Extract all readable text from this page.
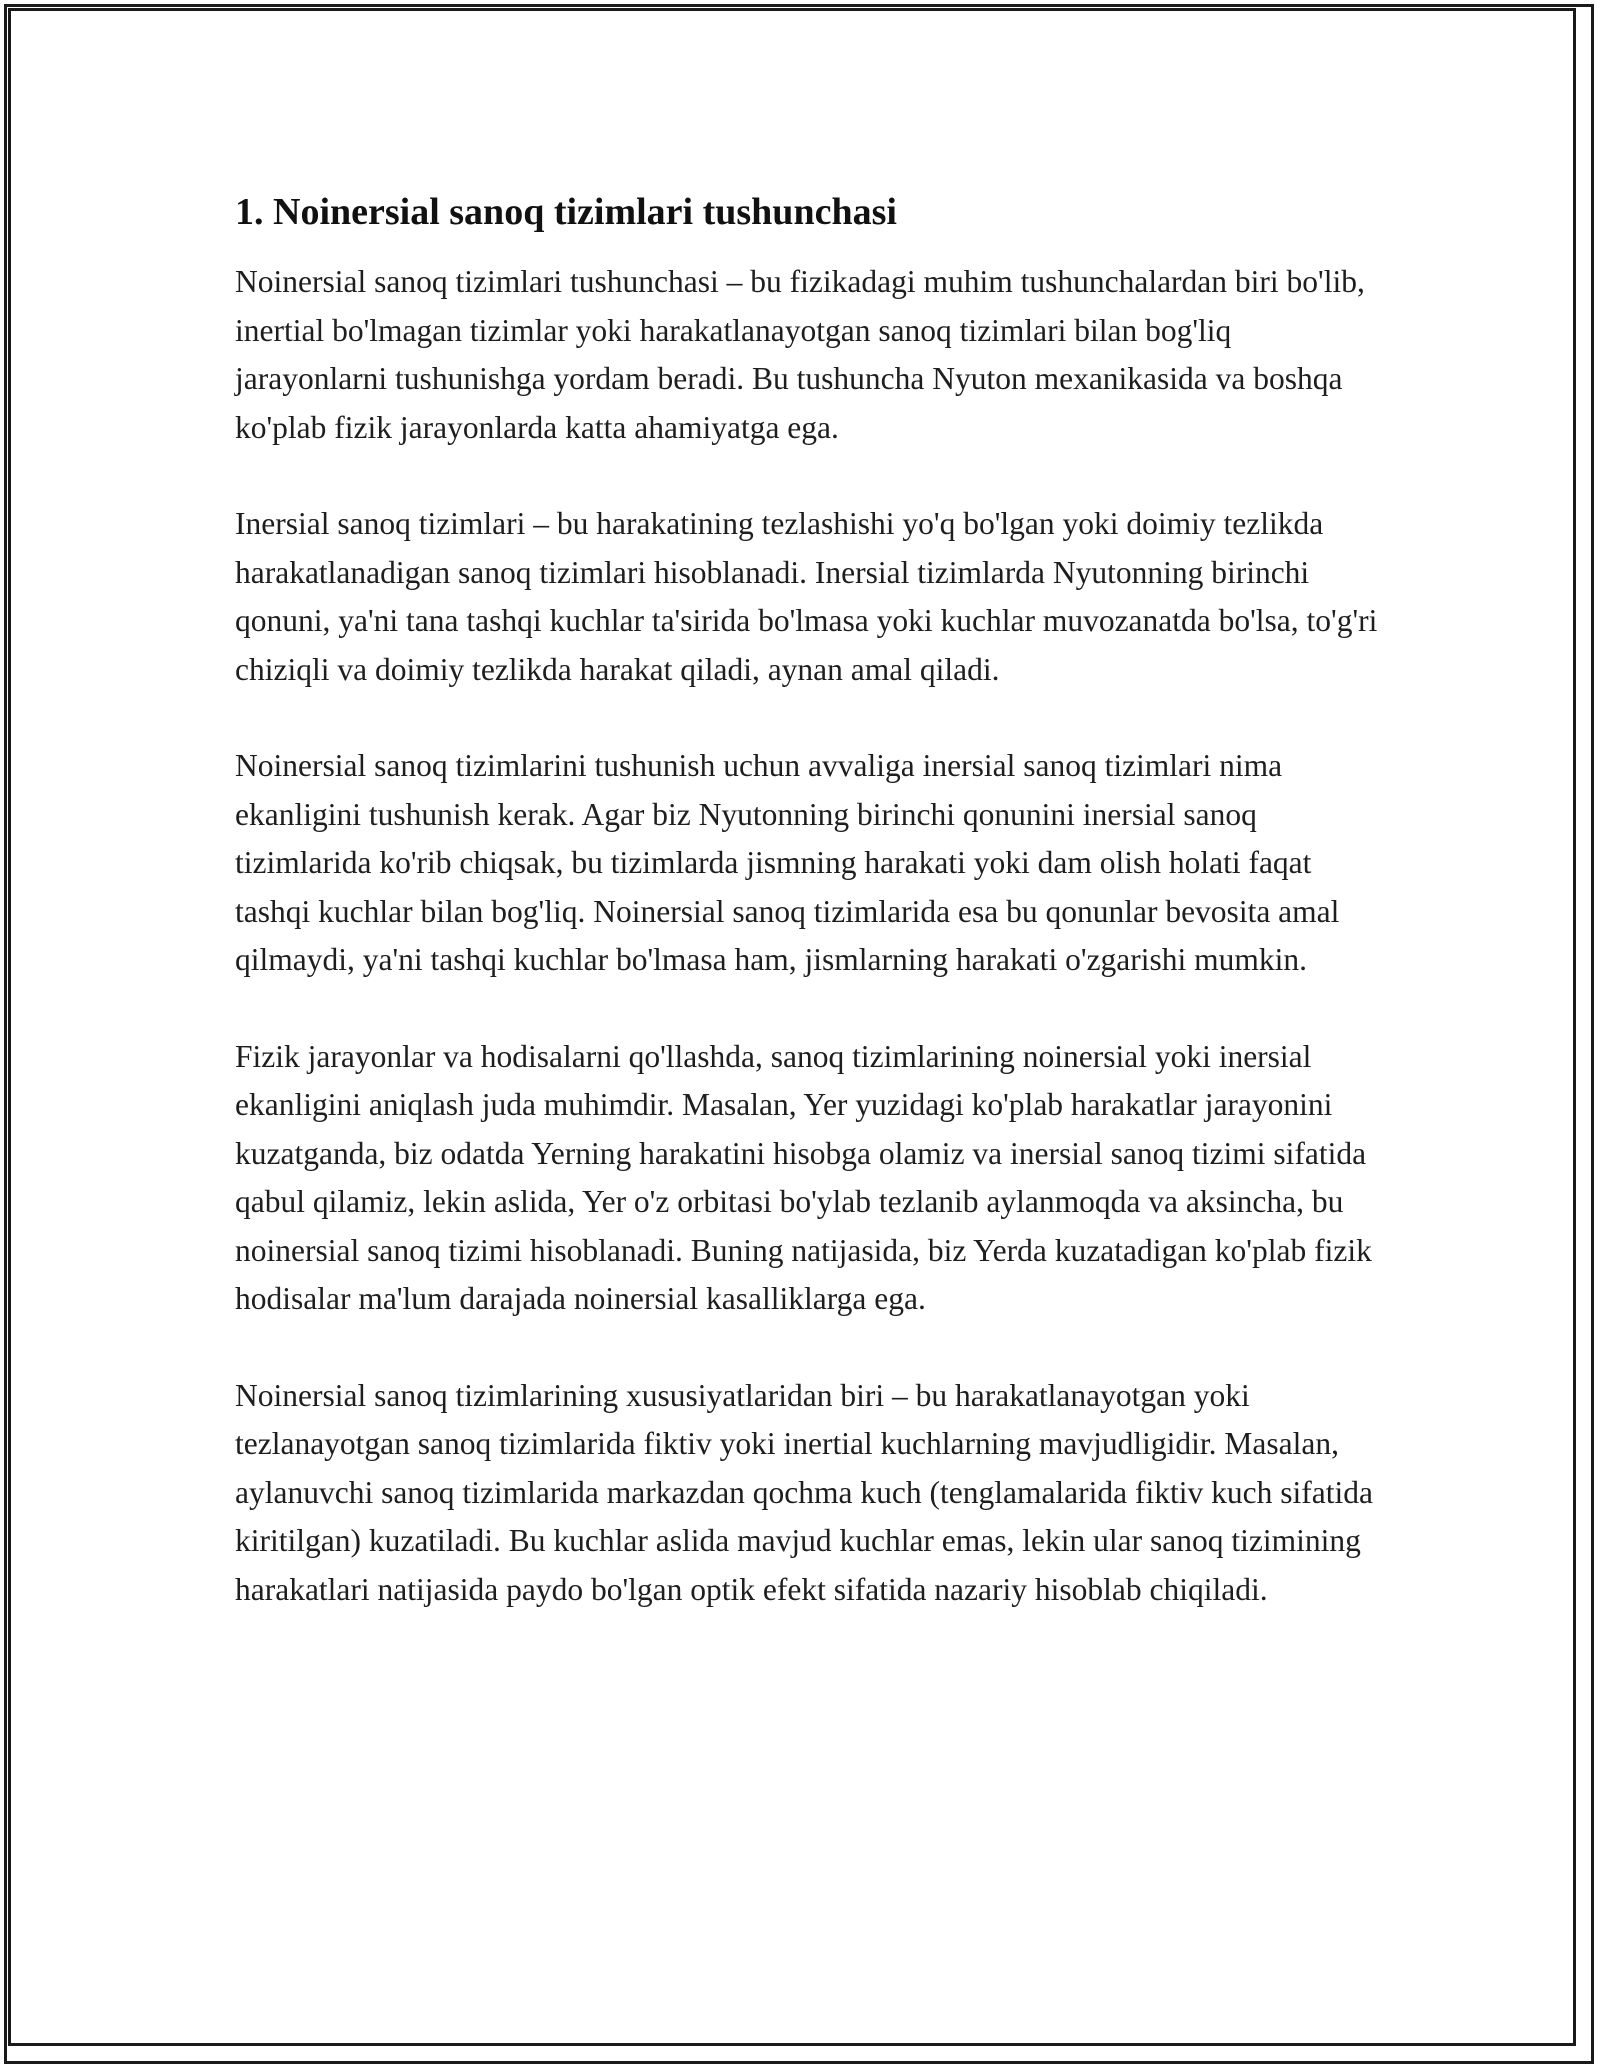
1. Noinersial sanoq tizimlari tushunchasi

Noinersial sanoq tizimlari tushunchasi – bu fizikadagi muhim tushunchalardan biri bo'lib, inertial bo'lmagan tizimlar yoki harakatlanayotgan sanoq tizimlari bilan bog'liq jarayonlarni tushunishga yordam beradi. Bu tushuncha Nyuton mexanikasida va boshqa ko'plab fizik jarayonlarda katta ahamiyatga ega.

Inersial sanoq tizimlari – bu harakatining tezlashishi yo'q bo'lgan yoki doimiy tezlikda harakatlanadigan sanoq tizimlari hisoblanadi. Inersial tizimlarda Nyutonning birinchi qonuni, ya'ni tana tashqi kuchlar ta'sirida bo'lmasa yoki kuchlar muvozanatda bo'lsa, to'g'ri chiziqli va doimiy tezlikda harakat qiladi, aynan amal qiladi.

Noinersial sanoq tizimlarini tushunish uchun avvaliga inersial sanoq tizimlari nima ekanligini tushunish kerak. Agar biz Nyutonning birinchi qonunini inersial sanoq tizimlarida ko'rib chiqsak, bu tizimlarda jismning harakati yoki dam olish holati faqat tashqi kuchlar bilan bog'liq. Noinersial sanoq tizimlarida esa bu qonunlar bevosita amal qilmaydi, ya'ni tashqi kuchlar bo'lmasa ham, jismlarning harakati o'zgarishi mumkin.

Fizik jarayonlar va hodisalarni qo'llashda, sanoq tizimlarining noinersial yoki inersial ekanligini aniqlash juda muhimdir. Masalan, Yer yuzidagi ko'plab harakatlar jarayonini kuzatganda, biz odatda Yerning harakatini hisobga olamiz va inersial sanoq tizimi sifatida qabul qilamiz, lekin aslida, Yer o'z orbitasi bo'ylab tezlanib aylanmoqda va aksincha, bu noinersial sanoq tizimi hisoblanadi. Buning natijasida, biz Yerda kuzatadigan ko'plab fizik hodisalar ma'lum darajada noinersial kasalliklarga ega.

Noinersial sanoq tizimlarining xususiyatlaridan biri – bu harakatlanayotgan yoki tezlanayotgan sanoq tizimlarida fiktiv yoki inertial kuchlarning mavjudligidir. Masalan, aylanuvchi sanoq tizimlarida markazdan qochma kuch (tenglamalarida fiktiv kuch sifatida kiritilgan) kuzatiladi. Bu kuchlar aslida mavjud kuchlar emas, lekin ular sanoq tizimining harakatlari natijasida paydo bo'lgan optik efekt sifatida nazariy hisoblab chiqiladi.
